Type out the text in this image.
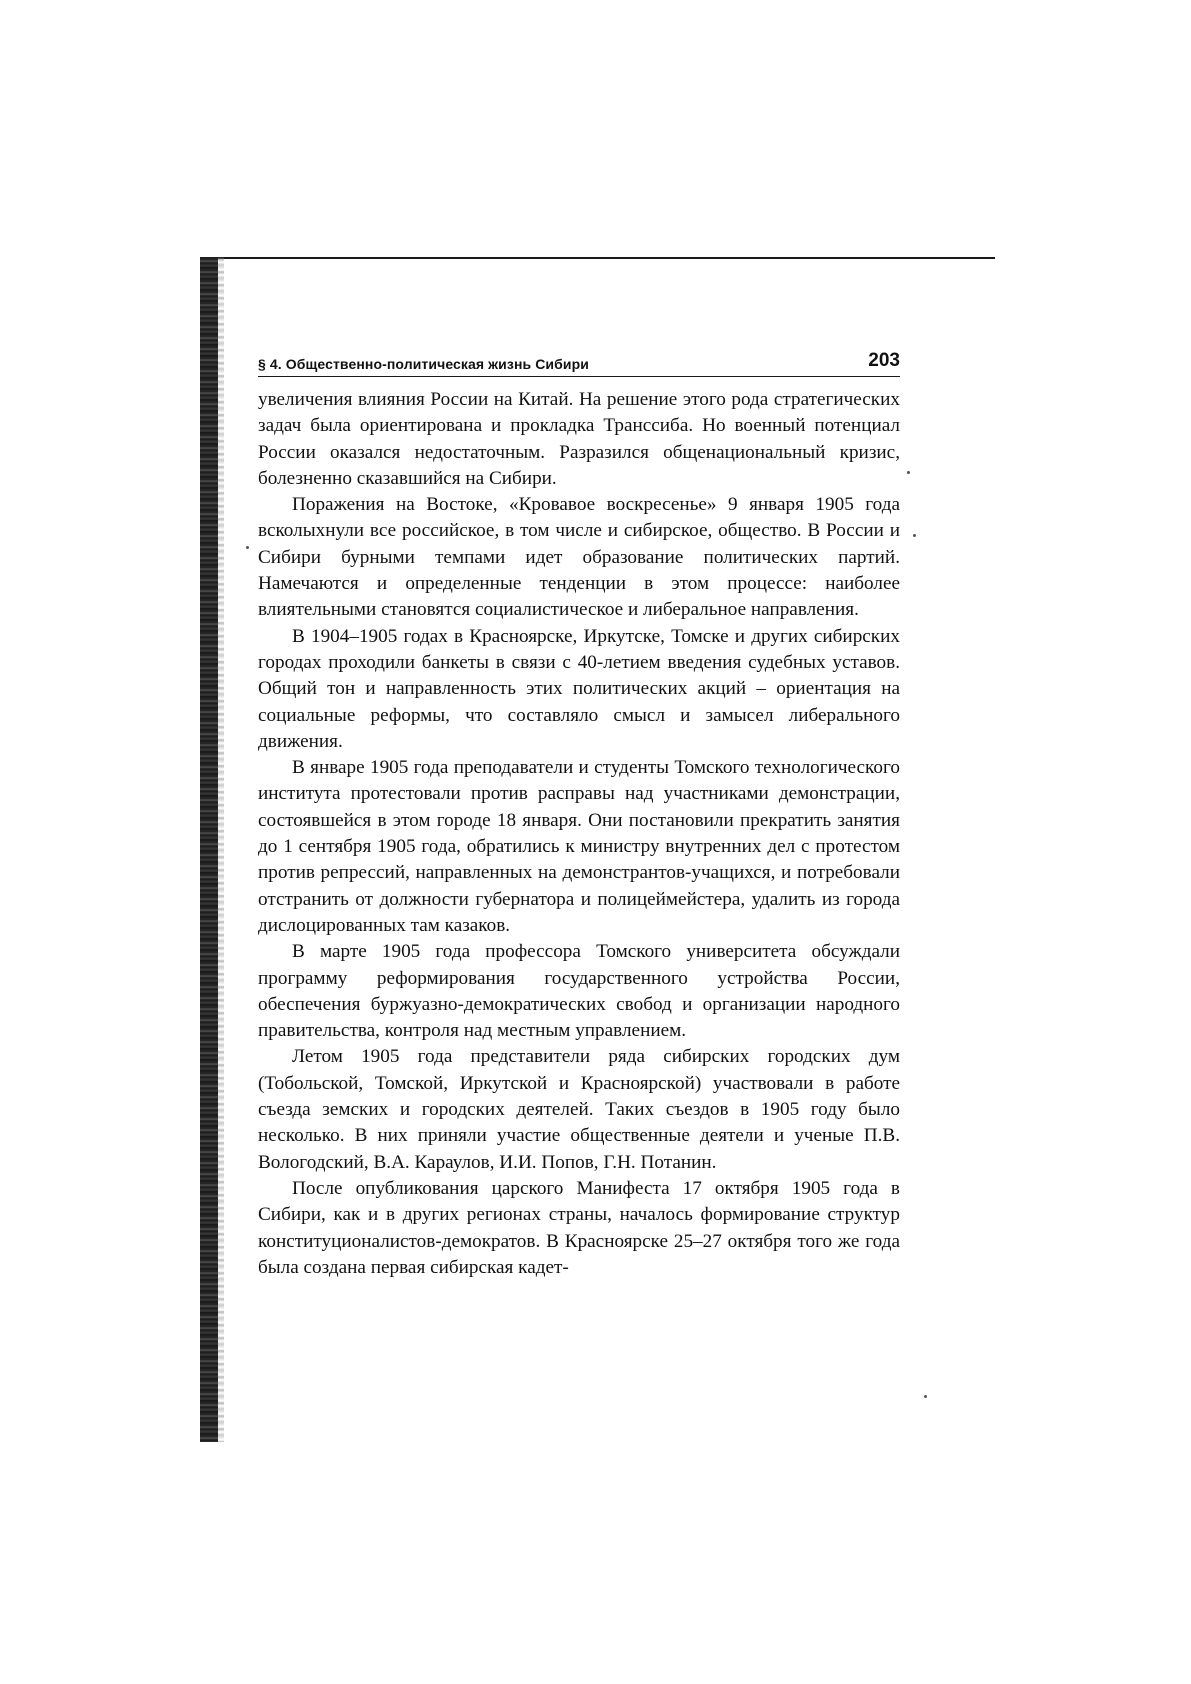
§ 4. Общественно-политическая жизнь Сибири	203

увеличения влияния России на Китай. На решение этого рода стратегических задач была ориентирована и прокладка Транссиба. Но военный потенциал России оказался недостаточным. Разразился общенациональный кризис, болезненно сказавшийся на Сибири.

Поражения на Востоке, «Кровавое воскресенье» 9 января 1905 года всколыхнули все российское, в том числе и сибирское, общество. В России и Сибири бурными темпами идет образование политических партий. Намечаются и определенные тенденции в этом процессе: наиболее влиятельными становятся социалистическое и либеральное направления.

В 1904–1905 годах в Красноярске, Иркутске, Томске и других сибирских городах проходили банкеты в связи с 40-летием введения судебных уставов. Общий тон и направленность этих политических акций – ориентация на социальные реформы, что составляло смысл и замысел либерального движения.

В январе 1905 года преподаватели и студенты Томского технологического института протестовали против расправы над участниками демонстрации, состоявшейся в этом городе 18 января. Они постановили прекратить занятия до 1 сентября 1905 года, обратились к министру внутренних дел с протестом против репрессий, направленных на демонстрантов-учащихся, и потребовали отстранить от должности губернатора и полицеймейстера, удалить из города дислоцированных там казаков.

В марте 1905 года профессора Томского университета обсуждали программу реформирования государственного устройства России, обеспечения буржуазно-демократических свобод и организации народного правительства, контроля над местным управлением.

Летом 1905 года представители ряда сибирских городских дум (Тобольской, Томской, Иркутской и Красноярской) участвовали в работе съезда земских и городских деятелей. Таких съездов в 1905 году было несколько. В них приняли участие общественные деятели и ученые П.В. Вологодский, В.А. Караулов, И.И. Попов, Г.Н. Потанин.

После опубликования царского Манифеста 17 октября 1905 года в Сибири, как и в других регионах страны, началось формирование структур конституционалистов-демократов. В Красноярске 25–27 октября того же года была создана первая сибирская кадет-
